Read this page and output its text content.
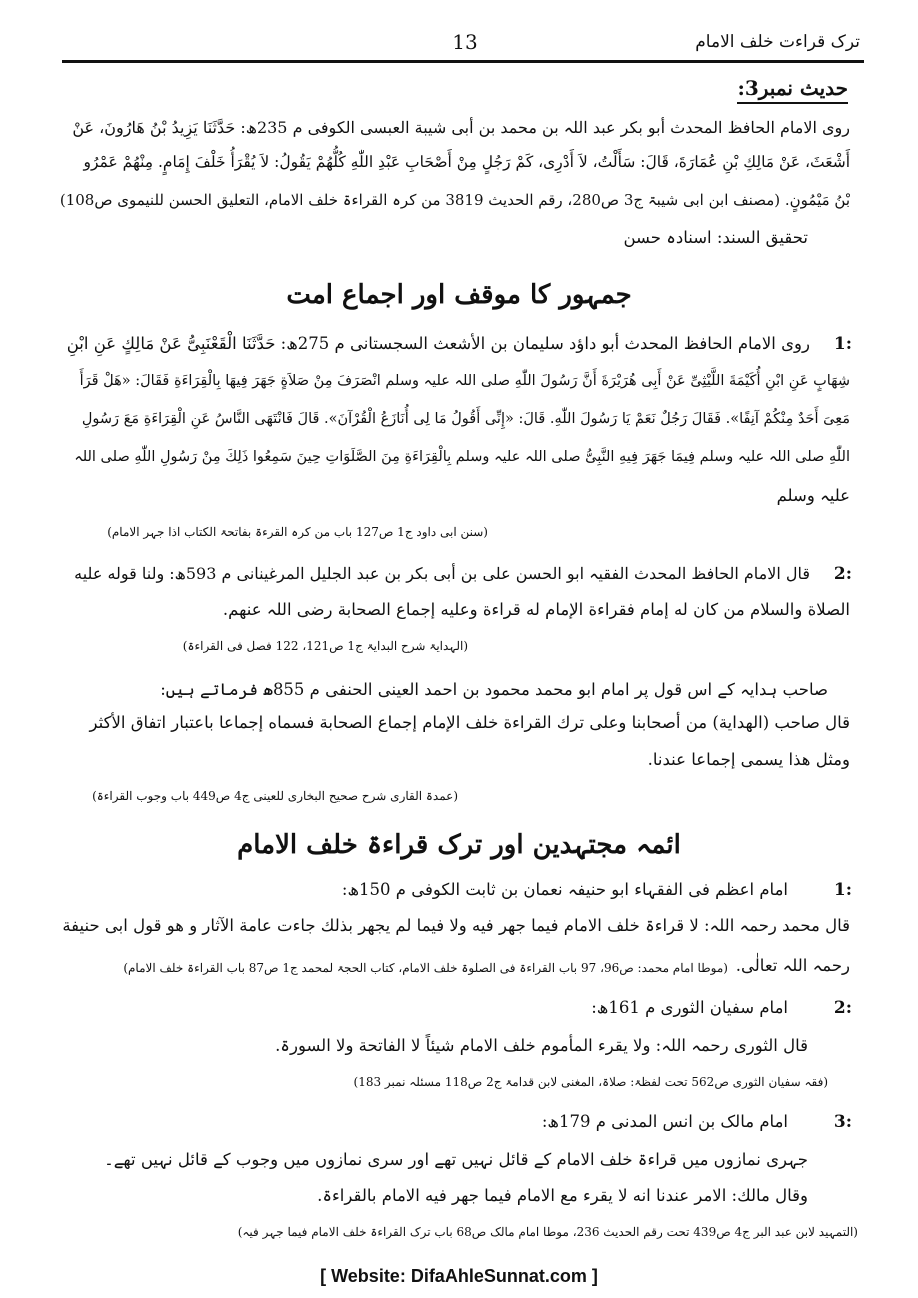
13	ترک قراءت خلف الامام
حدیث نمبر3:
روی الامام الحافظ المحدث أبو بکر عبد اللہ بن محمد بن أبی شیبة العبسی الکوفی م 235ھ: حَدَّثَنَا یَزِیدُ بْنُ هَارُونَ، عَنْ
أَشْعَثَ، عَنْ مَالِكِ بْنِ عُمَارَةَ، قَالَ: سَأَلْتُ، لاَ أَدْرِی، کَمْ رَجُلٍ مِنْ أَصْحَابِ عَبْدِ اللّٰهِ کُلُّهُمْ یَقُولُ: لاَ یُقْرَأُ خَلْفَ إِمَامٍ. مِنْهُمْ عَمْرُو
بْنُ مَیْمُونٍ. (مصنف ابن ابی شیبۃ ج3 ص280، رقم الحدیث 3819 من کرہ القراءۃ خلف الامام، التعلیق الحسن للنیموی ص108)
تحقیق السند: اسنادہ حسن
جمہور کا موقف اور اجماع امت
1:
روی الامام الحافظ المحدث أبو داؤد سلیمان بن الأشعث السجستانی م 275ھ: حَدَّثَنَا الْقَعْنَبِیُّ عَنْ مَالِكٍ عَنِ ابْنِ
شِهَابٍ عَنِ ابْنِ أُکَیْمَةَ اللَّیْثِیِّ عَنْ أَبِی هُرَیْرَةَ أَنَّ رَسُولَ اللّٰهِ صلی اللہ علیہ وسلم انْصَرَفَ مِنْ صَلاَةٍ جَهَرَ فِیهَا بِالْقِرَاءَةِ فَقَالَ: «هَلْ قَرَأَ
مَعِیَ أَحَدٌ مِنْکُمْ آنِفًا». فَقَالَ رَجُلٌ نَعَمْ یَا رَسُولَ اللّٰهِ. قَالَ: «إِنِّی أَقُولُ مَا لِی أُنَازَعُ الْقُرْآنَ». قَالَ فَانْتَهَی النَّاسُ عَنِ الْقِرَاءَةِ مَعَ رَسُولِ
اللّٰهِ صلی اللہ علیہ وسلم فِیمَا جَهَرَ فِیهِ النَّبِیُّ صلی اللہ علیہ وسلم بِالْقِرَاءَةِ مِنَ الصَّلَوَاتِ حِینَ سَمِعُوا ذَلِكَ مِنْ رَسُولِ اللّٰهِ صلی اللہ
علیہ وسلم
(سنن ابی داود ج1 ص127 باب من کرہ القرءۃ بفاتحۃ الکتاب اذا جہر الامام)
2:
قال الامام الحافظ المحدث الفقیہ ابو الحسن علی بن أبی بکر بن عبد الجلیل المرغینانی م 593ھ: ولنا قوله علیه
الصلاة والسلام من کان له إمام فقراءة الإمام له قراءة وعلیه إجماع الصحابة رضی اللہ عنهم.
(الہدایۃ شرح البدایۃ ج1 ص121، 122 فصل فی القراءۃ)
صاحب ہدایہ کے اس قول پر امام ابو محمد محمود بن احمد العینی الحنفی م 855ھ فرماتے ہیں:
قال صاحب (الهدایة) من أصحابنا وعلی ترك القراءة خلف الإمام إجماع الصحابة فسماه إجماعا باعتبار اتفاق الأکثر
ومثل هذا یسمی إجماعا عندنا.
(عمدۃ القاری شرح صحیح البخاری للعینی ج4 ص449 باب وجوب القراءۃ)
ائمہ مجتہدین اور ترک قراءۃ خلف الامام
1:
امام اعظم فی الفقہاء ابو حنیفہ نعمان بن ثابت الکوفی م 150ھ:
قال محمد رحمہ اللہ: لا قراءۃ خلف الامام فیما جهر فیه ولا فیما لم یجهر بذلك جاءت عامة الآثار و هو قول ابی حنیفة
رحمہ اللہ تعالٰی.
(موطا امام محمد: ص96، 97 باب القراءۃ فی الصلوۃ خلف الامام، کتاب الحجۃ لمحمد ج1 ص87 باب القراءۃ خلف الامام)
2:
امام سفیان الثوری م 161ھ:
قال الثوری رحمہ اللہ: ولا یقرء المأموم خلف الامام شیئاً لا الفاتحة ولا السورۃ.
(فقہ سفیان الثوری ص562 تحت لفظۃ: صلاۃ، المغنی لابن قدامۃ ج2 ص118 مسئلہ نمبر 183)
3:
امام مالک بن انس المدنی م 179ھ:
جہری نمازوں میں قراءۃ خلف الامام کے قائل نہیں تھے اور سری نمازوں میں وجوب کے قائل نہیں تھے۔
وقال مالك: الامر عندنا انه لا یقرء مع الامام فیما جهر فیه الامام بالقراءۃ.
(التمہید لابن عبد البر ج4 ص439 تحت رقم الحدیث 236، موطا امام مالک ص68 باب ترک القراءۃ خلف الامام فیما جہر فیہ)
[ Website: DifaAhleSunnat.com ]
